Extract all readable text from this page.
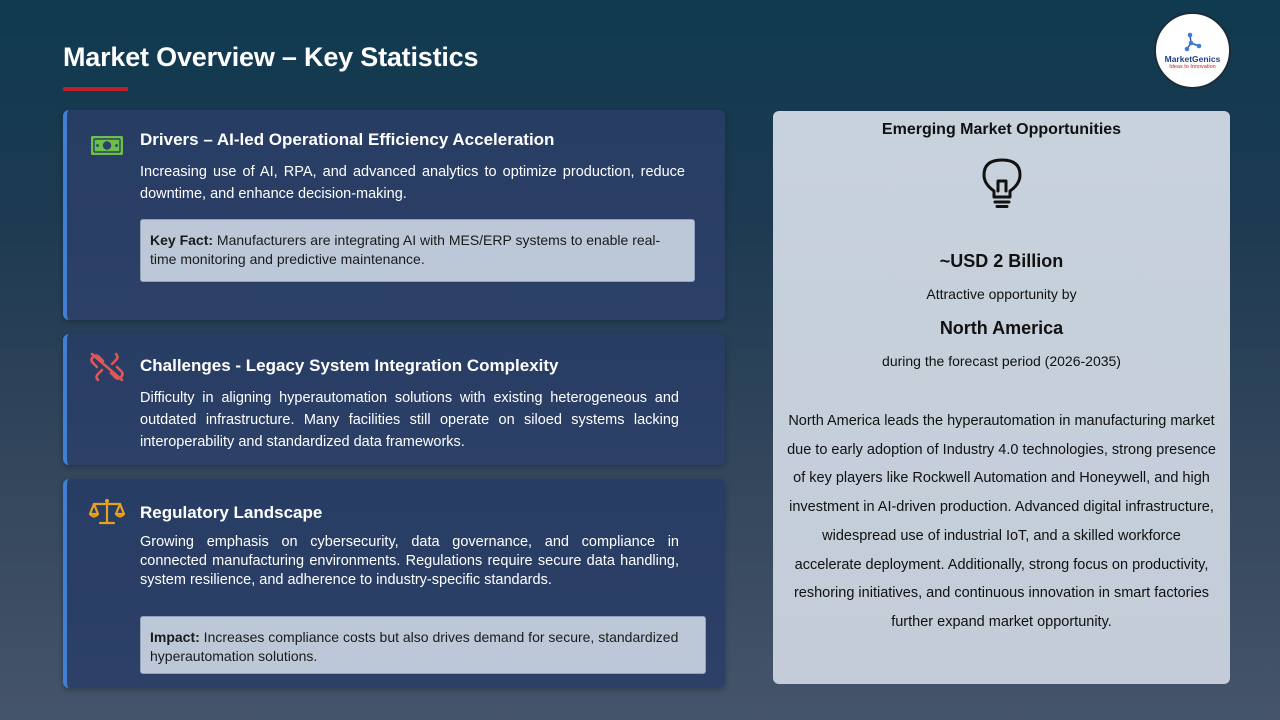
Market Overview – Key Statistics	MarketGenics
Ideas to Innovation
Drivers – AI-led Operational Efficiency Acceleration
Increasing use of AI, RPA, and advanced analytics to optimize production, reduce downtime, and enhance decision-making.
Key Fact: Manufacturers are integrating AI with MES/ERP systems to enable real-time monitoring and predictive maintenance.
Challenges - Legacy System Integration Complexity
Difficulty in aligning hyperautomation solutions with existing heterogeneous and outdated infrastructure. Many facilities still operate on siloed systems lacking interoperability and standardized data frameworks.
Regulatory Landscape
Growing emphasis on cybersecurity, data governance, and compliance in connected manufacturing environments. Regulations require secure data handling, system resilience, and adherence to industry-specific standards.
Impact: Increases compliance costs but also drives demand for secure, standardized hyperautomation solutions.
Emerging Market Opportunities
~USD 2 Billion
Attractive opportunity by
North America
during the forecast period (2026-2035)
North America leads the hyperautomation in manufacturing market due to early adoption of Industry 4.0 technologies, strong presence of key players like Rockwell Automation and Honeywell, and high investment in AI-driven production. Advanced digital infrastructure, widespread use of industrial IoT, and a skilled workforce accelerate deployment. Additionally, strong focus on productivity, reshoring initiatives, and continuous innovation in smart factories further expand market opportunity.
